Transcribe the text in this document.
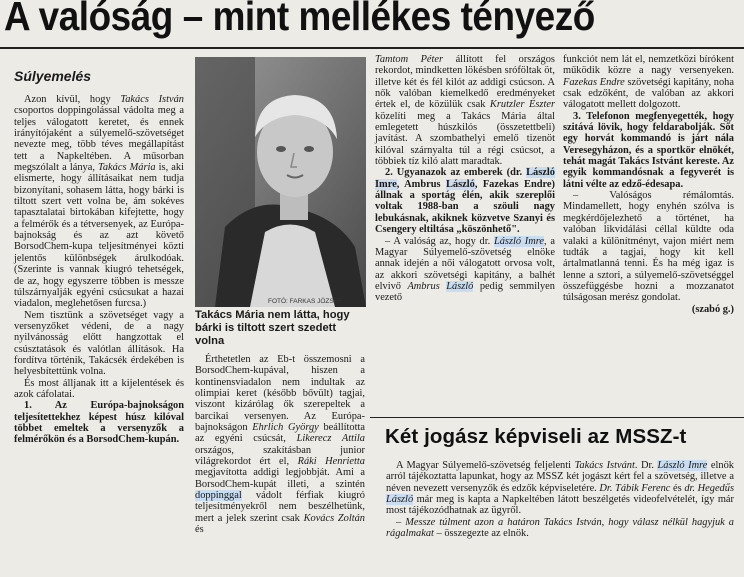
A valóság – mint mellékes tényező
Súlyemelés

Azon kívül, hogy Takács István csoportos doppingolással vádolta meg a teljes válogatott keretet, és ennek irányítójaként a súlyemelő-szövetséget nevezte meg, több téves megállapítást tett a Napkeltében. A műsorban megszólalt a lánya, Takács Mária is, aki elismerte, hogy állításaikat nem tudja bizonyítani, sohasem látta, hogy bárki is tiltott szert vett volna be, ám sokéves tapasztalatai birtokában kifejtette, hogy a felmérők és a tétversenyek, az Európa-bajnokság és az azt követő BorsodChem-kupa teljesítményei közti jelentős különbségek árulkodóak. (Szerinte is vannak kiugró tehetségek, de az, hogy egyszerre többen is messze túlszárnyalják egyéni csúcsukat a hazai viadalon, meglehetősen furcsa.)

Nem tisztünk a szövetséget vagy a versenyzőket védeni, de a nagy nyilvánosság előtt hangzottak el csúsztatások és valótlan állítások. Ha fordítva történik, Takácsék érdekében is helyesbítettünk volna.

És most álljanak itt a kijelentések és azok cáfolatai.

1. Az Európa-bajnokságon teljesítettekhez képest húsz kilóval többet emeltek a versenyzők a felmérőkön és a BorsodChem-kupán.

FOTÓ: FARKAS JÓZSEF
Takács Mária nem látta, hogy bárki is tiltott szert szedett volna

Érthetetlen az Eb-t összemosni a BorsodChem-kupával, hiszen a kontinensviadalon nem indultak az olimpiai keret (később bővült) tagjai, viszont kizárólag ők szerepeltek a barcikai versenyen. Az Európa-bajnokságon Ehrlich György beállította az egyéni csúcsát, Likerecz Attila országos, szakításban junior világrekordot ért el, Ráki Henrietta megjavította addigi legjobbját. Ami a BorsodChem-kupát illeti, a szintén doppinggal vádolt férfiak kiugró teljesítményekről nem beszélhetünk, mert a jelek szerint csak Kovács Zoltán és

Tamtom Péter állított fel országos rekordot, mindketten lökésben sróföltak öt, illetve két és fél kilót az addigi csúcson. A nők valóban kiemelkedő eredményeket értek el, de közülük csak Krutzler Eszter közelíti meg a Takács Mária által emlegetett húszkilós (összetettbeli) javítást. A szombathelyi emelő tizenöt kilóval szárnyalta túl a régi csúcsot, a többiek tíz kiló alatt maradtak.

2. Ugyanazok az emberek (dr. László Imre, Ambrus László, Fazekas Endre) állnak a sportág élén, akik szereplői voltak 1988-ban a szöuli nagy lebukásnak, akiknek közvetve Szanyi és Csengery eltiltása „köszönhető".

– A valóság az, hogy dr. László Imre, a Magyar Súlyemelő-szövetség elnöke annak idején a női válogatott orvosa volt, az akkori szövetségi kapitány, a balhét elvivő Ambrus László pedig semmilyen vezető

funkciót nem lát el, nemzetközi bírókent működik közre a nagy versenyeken. Fazekas Endre szövetségi kapitány, noha csak edzőként, de valóban az akkori válogatott mellett dolgozott.

3. Telefonon megfenyegették, hogy szitává lövik, hogy feldarabolják. Sőt egy horvát kommandó is járt nála Veresegyházon, és a sportkör elnökét, tehát magát Takács Istvánt kereste. Az egyik kommandósnak a fegyverét is látni vélte az edző-édesapa.

– Valóságos rémálomtás. Mindamellett, hogy enyhén szólva is megkérdőjelezhető a történet, ha valóban likvidálási céllal küldte oda valaki a különítményt, vajon miért nem tudták a tagjai, hogy kit kell ártalmatlanná tenni. És ha még igaz is lenne a sztori, a súlyemelő-szövetséggel összefüggésbe hozni a mozzanatot túlságosan merész gondolat.

(szabó g.)

Két jogász képviseli az MSSZ-t

A Magyar Súlyemelő-szövetség feljelenti Takács Istvánt. Dr. László Imre elnök arról tájékoztatta lapunkat, hogy az MSSZ két jogászt kért fel a szövetség, illetve a néven nevezett versenyzők és edzők képviseletére. Dr. Tábik Ferenc és dr. Hegedűs László már meg is kapta a Napkeltében látott beszélgetés videofelvételét, így már most tájékozódhatnak az ügyről.

– Messze túlment azon a határon Takács István, hogy válasz nélkül hagyjuk a rágalmakat – összegezte az elnök.
